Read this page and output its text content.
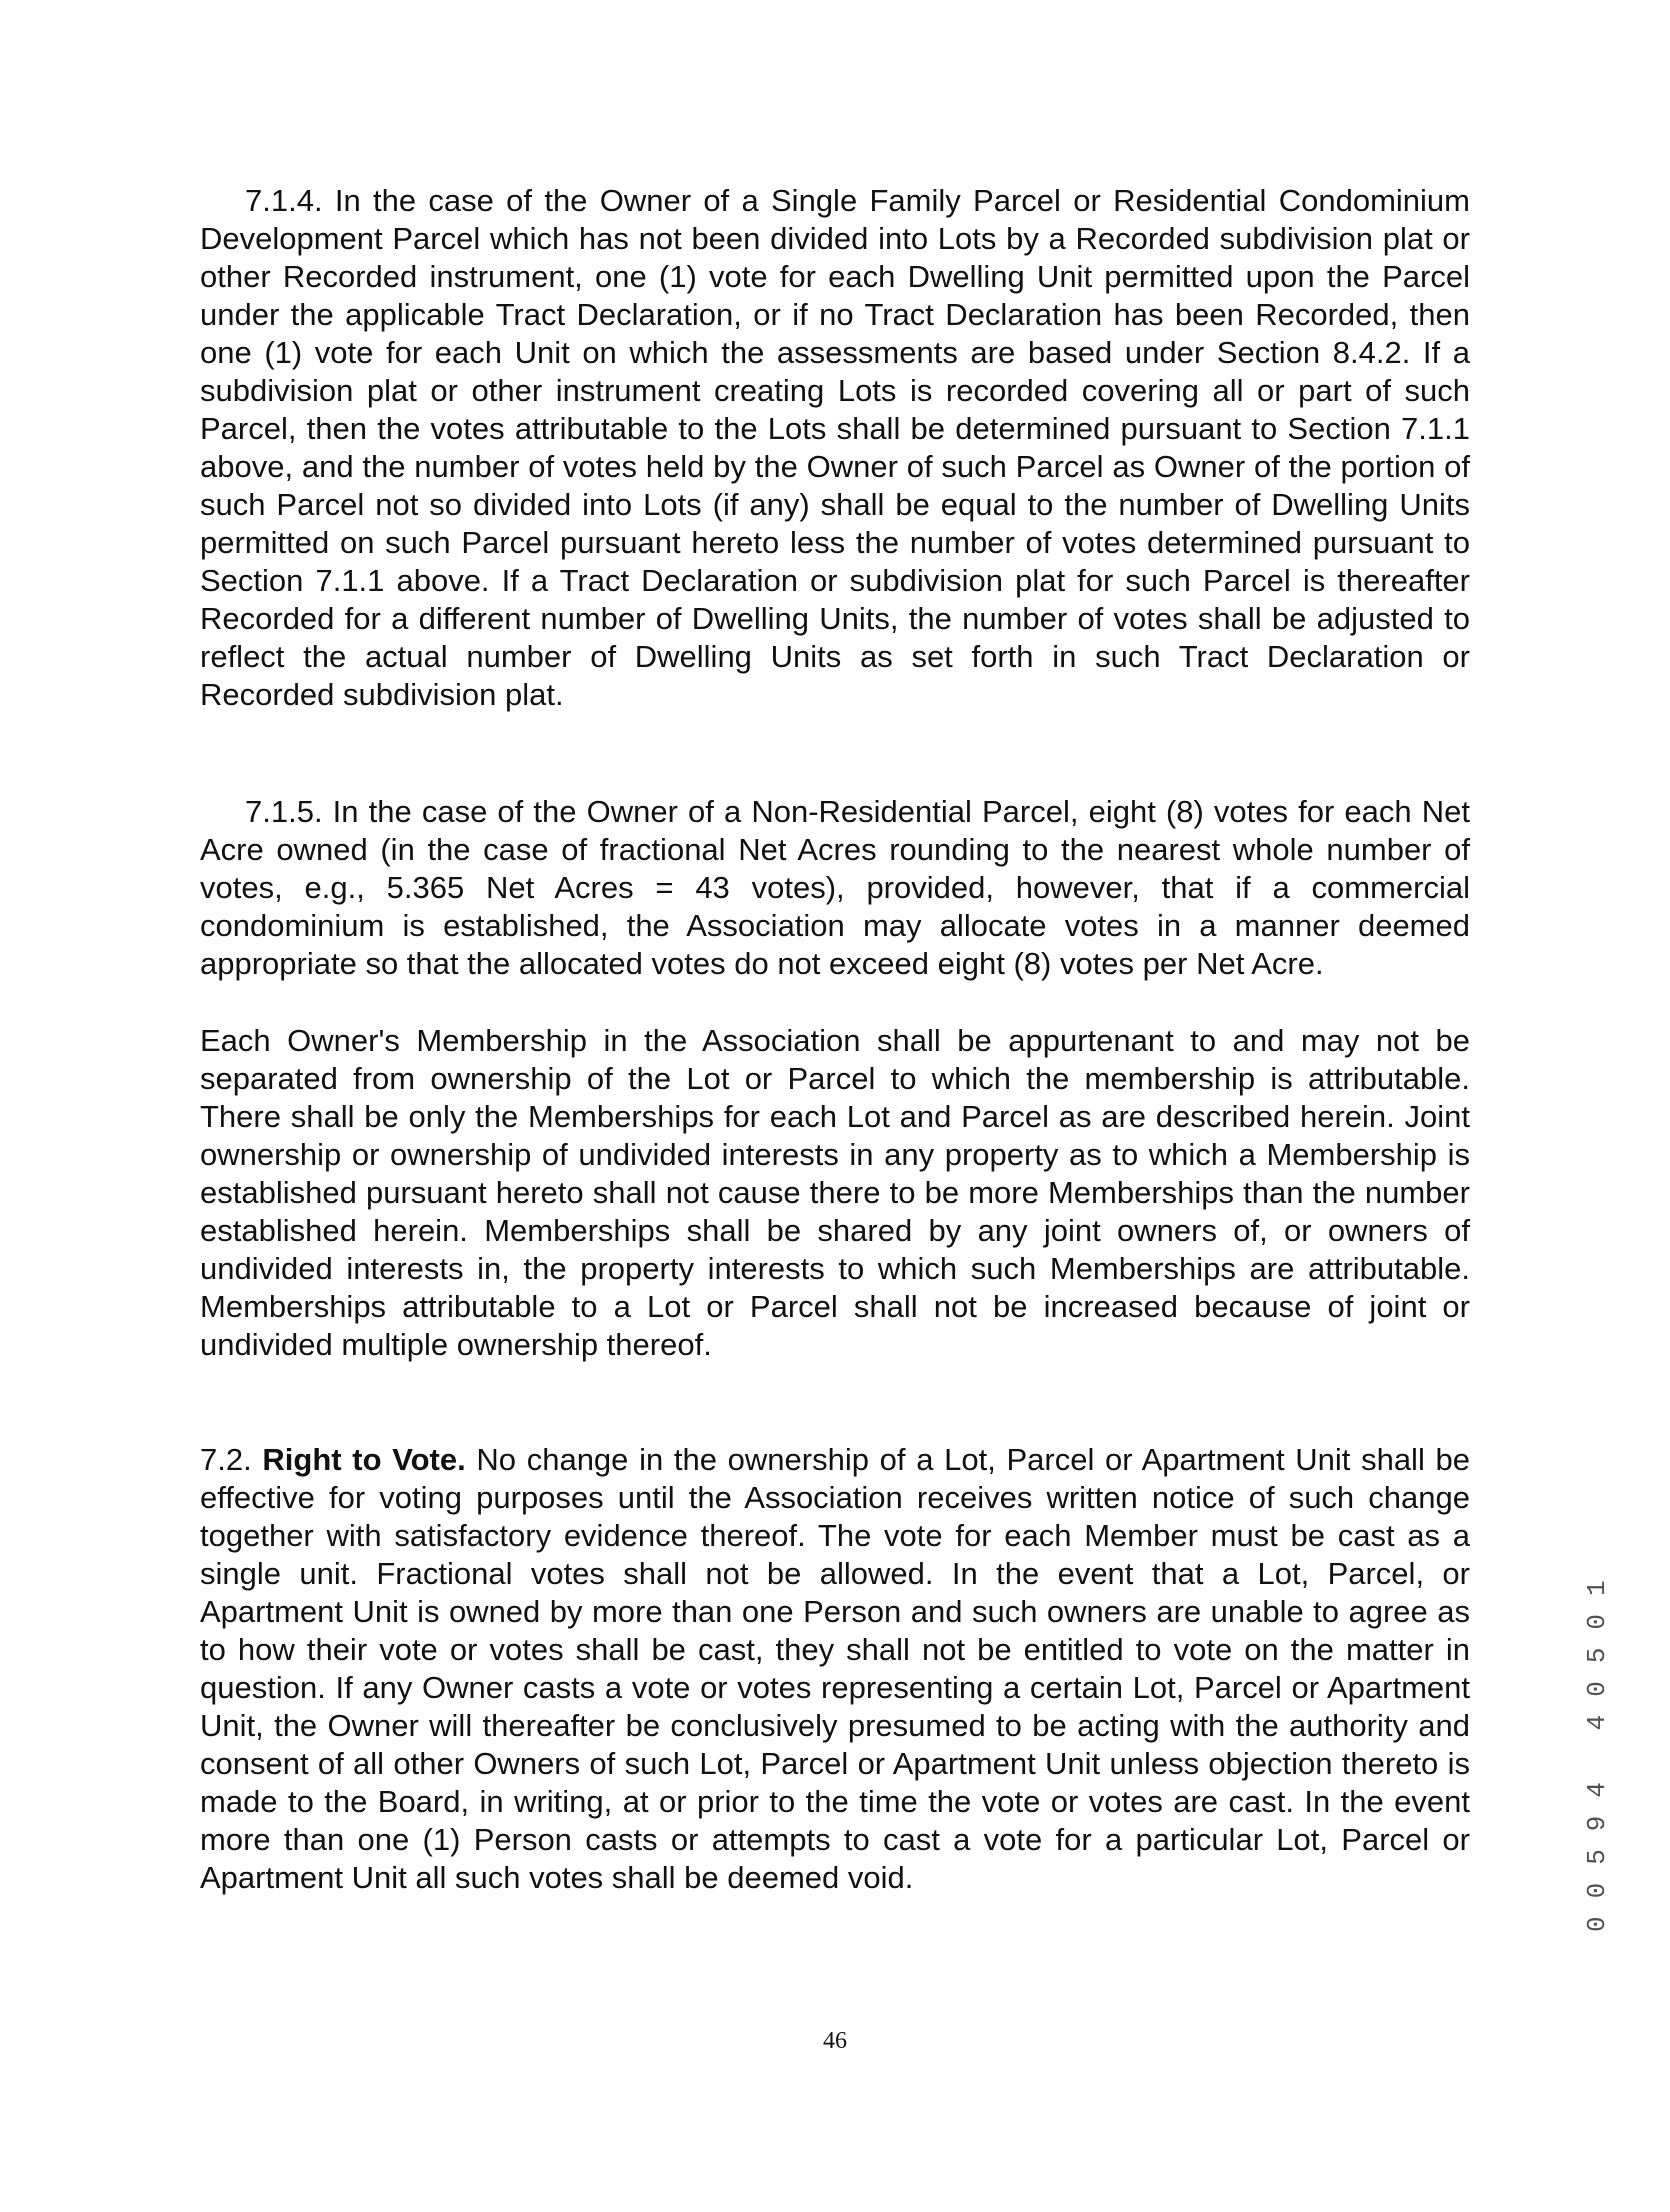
7.1.4. In the case of the Owner of a Single Family Parcel or Residential Condominium Development Parcel which has not been divided into Lots by a Recorded subdivision plat or other Recorded instrument, one (1) vote for each Dwelling Unit permitted upon the Parcel under the applicable Tract Declaration, or if no Tract Declaration has been Recorded, then one (1) vote for each Unit on which the assessments are based under Section 8.4.2. If a subdivision plat or other instrument creating Lots is recorded covering all or part of such Parcel, then the votes attributable to the Lots shall be determined pursuant to Section 7.1.1 above, and the number of votes held by the Owner of such Parcel as Owner of the portion of such Parcel not so divided into Lots (if any) shall be equal to the number of Dwelling Units permitted on such Parcel pursuant hereto less the number of votes determined pursuant to Section 7.1.1 above. If a Tract Declaration or subdivision plat for such Parcel is thereafter Recorded for a different number of Dwelling Units, the number of votes shall be adjusted to reflect the actual number of Dwelling Units as set forth in such Tract Declaration or Recorded subdivision plat.

7.1.5. In the case of the Owner of a Non-Residential Parcel, eight (8) votes for each Net Acre owned (in the case of fractional Net Acres rounding to the nearest whole number of votes, e.g., 5.365 Net Acres = 43 votes), provided, however, that if a commercial condominium is established, the Association may allocate votes in a manner deemed appropriate so that the allocated votes do not exceed eight (8) votes per Net Acre.

Each Owner's Membership in the Association shall be appurtenant to and may not be separated from ownership of the Lot or Parcel to which the membership is attributable. There shall be only the Memberships for each Lot and Parcel as are described herein. Joint ownership or ownership of undivided interests in any property as to which a Membership is established pursuant hereto shall not cause there to be more Memberships than the number established herein. Memberships shall be shared by any joint owners of, or owners of undivided interests in, the property interests to which such Memberships are attributable. Memberships attributable to a Lot or Parcel shall not be increased because of joint or undivided multiple ownership thereof.

7.2. Right to Vote. No change in the ownership of a Lot, Parcel or Apartment Unit shall be effective for voting purposes until the Association receives written notice of such change together with satisfactory evidence thereof. The vote for each Member must be cast as a single unit. Fractional votes shall not be allowed. In the event that a Lot, Parcel, or Apartment Unit is owned by more than one Person and such owners are unable to agree as to how their vote or votes shall be cast, they shall not be entitled to vote on the matter in question. If any Owner casts a vote or votes representing a certain Lot, Parcel or Apartment Unit, the Owner will thereafter be conclusively presumed to be acting with the authority and consent of all other Owners of such Lot, Parcel or Apartment Unit unless objection thereto is made to the Board, in writing, at or prior to the time the vote or votes are cast. In the event more than one (1) Person casts or attempts to cast a vote for a particular Lot, Parcel or Apartment Unit all such votes shall be deemed void.	00594 40501

46
